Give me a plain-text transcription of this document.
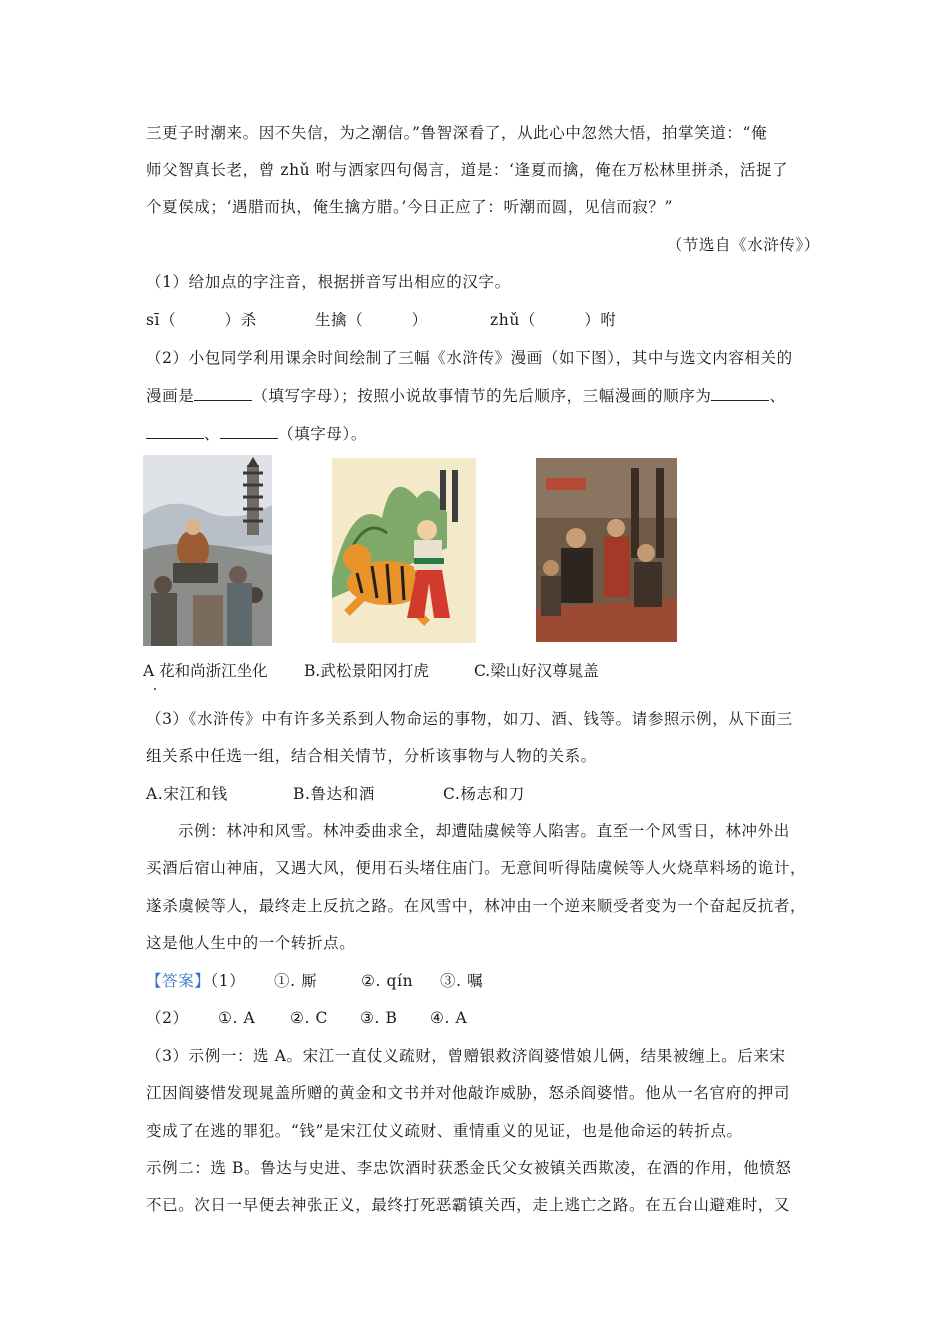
三更子时潮来。因不失信，为之潮信。”鲁智深看了，从此心中忽然大悟，拍掌笑道：“俺
师父智真长老，曾 zhǔ 咐与洒家四句偈言，道是：‘逢夏而擒，俺在万松林里拼杀，活捉了
个夏侯成；‘遇腊而执，俺生擒方腊。’今日正应了：听潮而圆，见信而寂？”
（节选自《水浒传》）
（1）给加点的字注音，根据拼音写出相应的汉字。
sī（　　　）杀	生擒（　　　）	zhǔ（　　　）咐
（2）小包同学利用课余时间绘制了三幅《水浒传》漫画（如下图），其中与选文内容相关的
漫画是	（填写字母）；按照小说故事情节的先后顺序，三幅漫画的顺序为	、
、	（填字母）。
A 花和尚浙江坐化 B.武松景阳冈打虎	C.梁山好汉尊晁盖
（3）《水浒传》中有许多关系到人物命运的事物，如刀、酒、钱等。请参照示例，从下面三
组关系中任选一组，结合相关情节，分析该事物与人物的关系。
A.宋江和钱	B.鲁达和酒	C.杨志和刀
示例：林冲和风雪。林冲委曲求全，却遭陆虞候等人陷害。直至一个风雪日，林冲外出
买酒后宿山神庙，又遇大风，便用石头堵住庙门。无意间听得陆虞候等人火烧草料场的诡计，
遂杀虞候等人，最终走上反抗之路。在风雪中，林冲由一个逆来顺受者变为一个奋起反抗者，
这是他人生中的一个转折点。
【答案】（1）	①. 厮	②. qín ③. 嘱
（2） ①. A ②. C ③. B ④. A
（3）示例一：选 A。宋江一直仗义疏财，曾赠银救济阎婆惜娘儿俩，结果被缠上。后来宋
江因阎婆惜发现晁盖所赠的黄金和文书并对他敲诈威胁，怒杀阎婆惜。他从一名官府的押司
变成了在逃的罪犯。“钱”是宋江仗义疏财、重情重义的见证，也是他命运的转折点。
示例二：选 B。鲁达与史进、李忠饮酒时获悉金氏父女被镇关西欺凌，在酒的作用，他愤怒
不已。次日一早便去神张正义，最终打死恶霸镇关西，走上逃亡之路。在五台山避难时，又
